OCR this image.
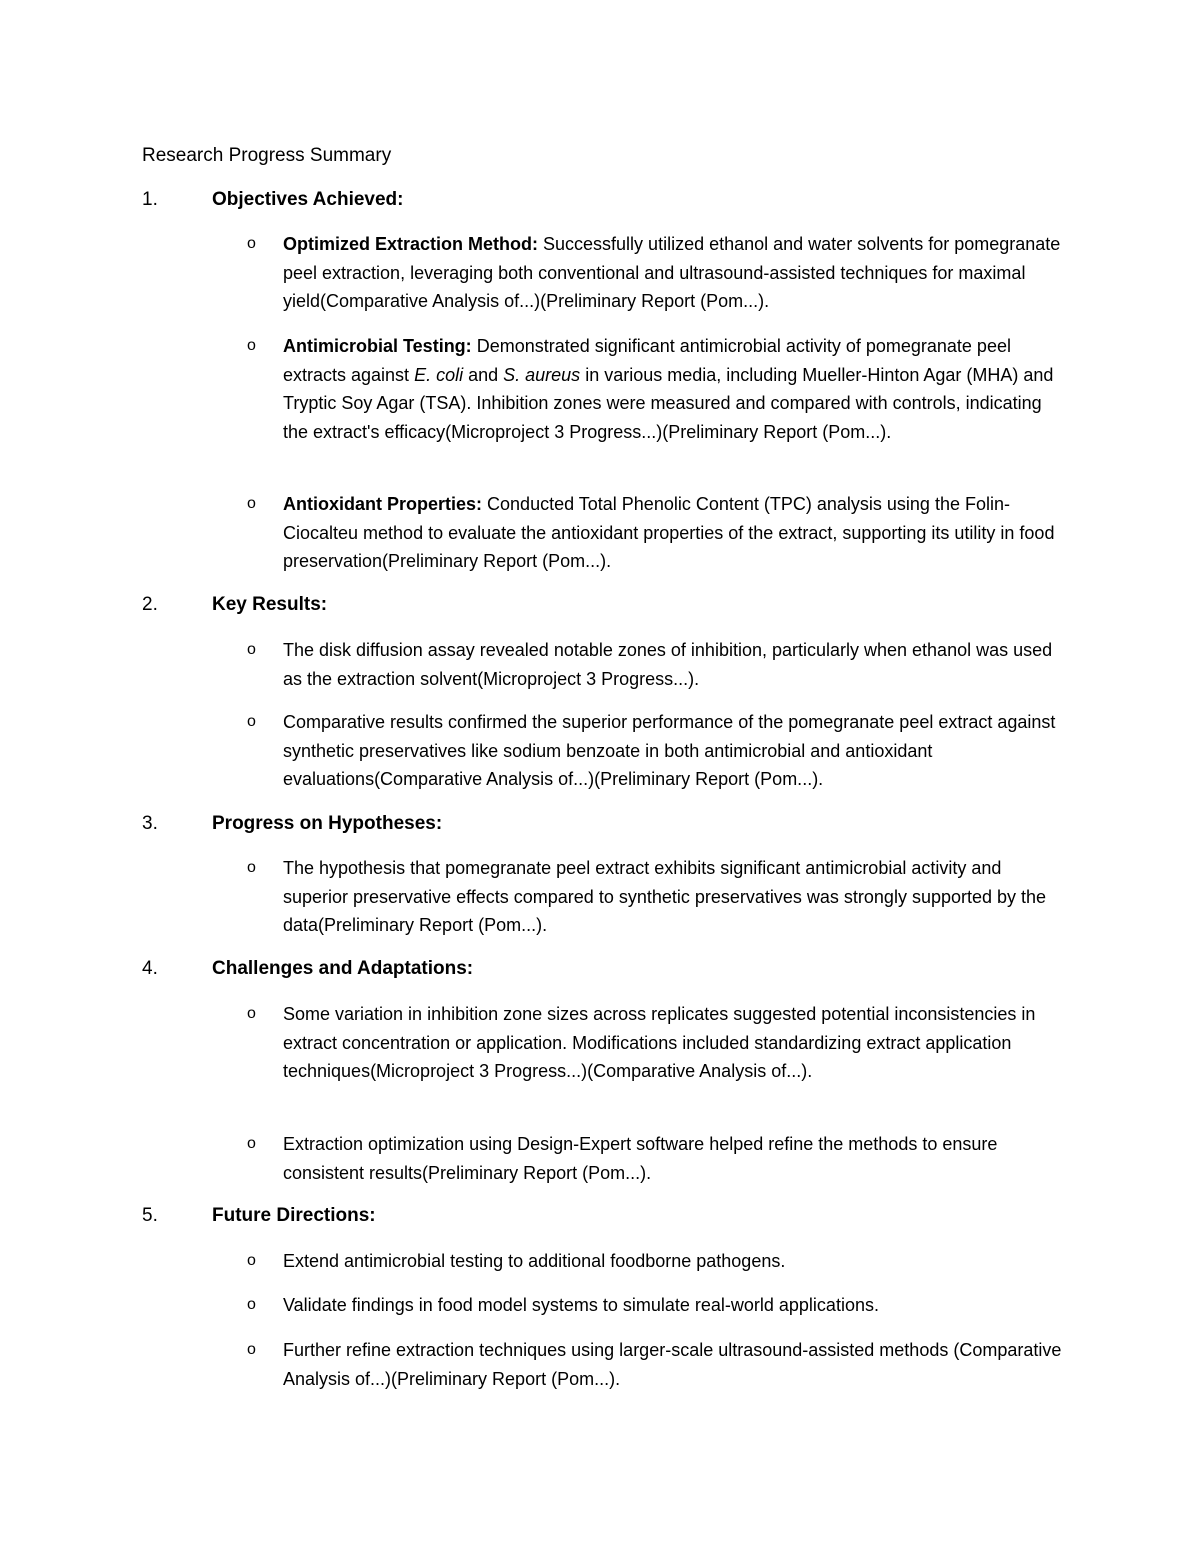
Research Progress Summary

1.	Objectives Achieved:

o Optimized Extraction Method: Successfully utilized ethanol and water solvents for pomegranate peel extraction, leveraging both conventional and ultrasound-assisted techniques for maximal yield(Comparative Analysis of...)(Preliminary Report (Pom...).

o Antimicrobial Testing: Demonstrated significant antimicrobial activity of pomegranate peel extracts against E. coli and S. aureus in various media, including Mueller-Hinton Agar (MHA) and Tryptic Soy Agar (TSA). Inhibition zones were measured and compared with controls, indicating the extract's efficacy(Microproject 3 Progress...)(Preliminary Report (Pom...).

o Antioxidant Properties: Conducted Total Phenolic Content (TPC) analysis using the Folin-Ciocalteu method to evaluate the antioxidant properties of the extract, supporting its utility in food preservation(Preliminary Report (Pom...).

2.	Key Results:

o The disk diffusion assay revealed notable zones of inhibition, particularly when ethanol was used as the extraction solvent(Microproject 3 Progress...).

o Comparative results confirmed the superior performance of the pomegranate peel extract against synthetic preservatives like sodium benzoate in both antimicrobial and antioxidant evaluations(Comparative Analysis of...)(Preliminary Report (Pom...).

3.	Progress on Hypotheses:

o The hypothesis that pomegranate peel extract exhibits significant antimicrobial activity and superior preservative effects compared to synthetic preservatives was strongly supported by the data(Preliminary Report (Pom...).

4.	Challenges and Adaptations:

o Some variation in inhibition zone sizes across replicates suggested potential inconsistencies in extract concentration or application. Modifications included standardizing extract application techniques(Microproject 3 Progress...)(Comparative Analysis of...).

o Extraction optimization using Design-Expert software helped refine the methods to ensure consistent results(Preliminary Report (Pom...).

5.	Future Directions:

o Extend antimicrobial testing to additional foodborne pathogens.

o Validate findings in food model systems to simulate real-world applications.

o Further refine extraction techniques using larger-scale ultrasound-assisted methods (Comparative Analysis of...)(Preliminary Report (Pom...).
